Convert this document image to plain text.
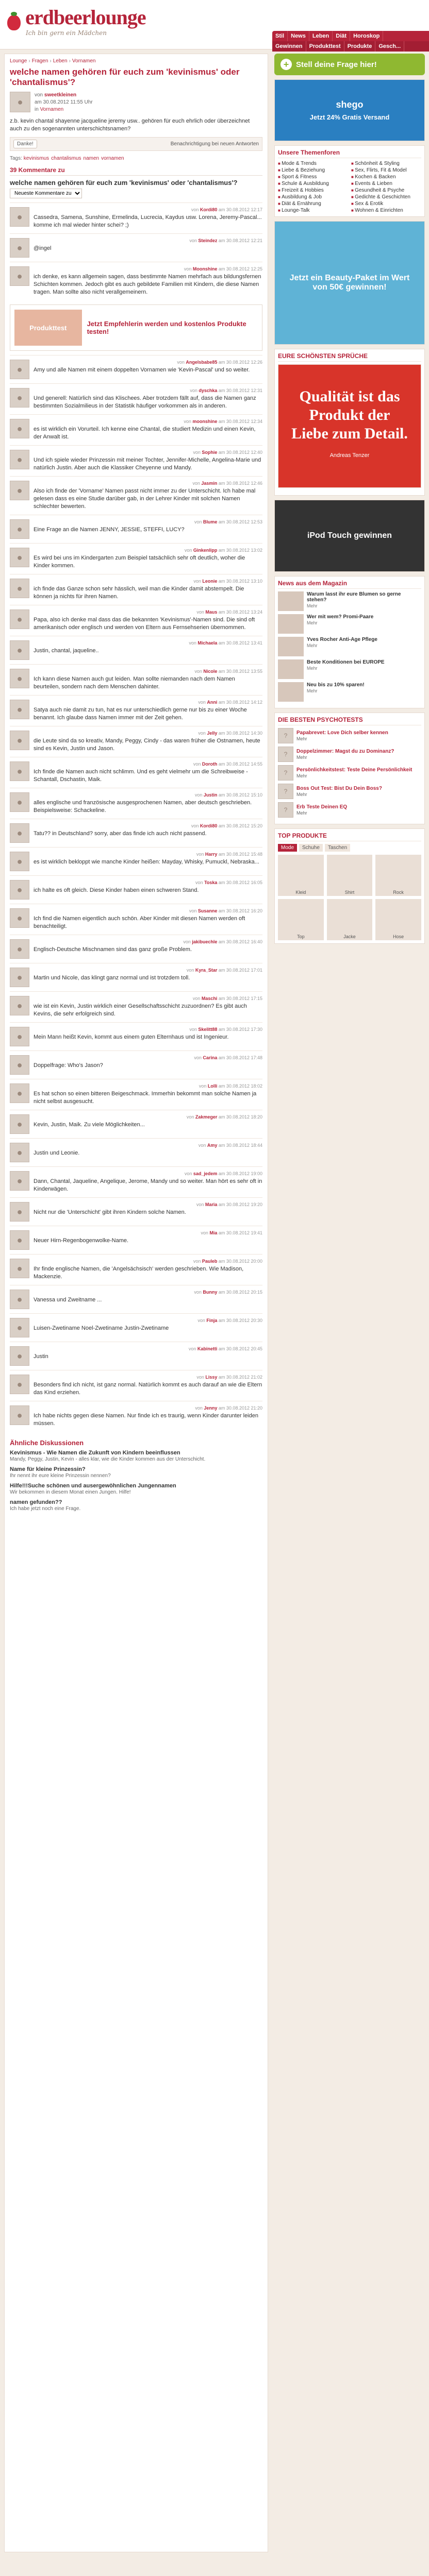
erdbeerlounge
Ich bin gern ein Mädchen	Stil	News	Leben	Diät	Horoskop
Gewinnen	Produkttest	Produkte	Gesch...
Lounge › Fragen › Leben › Vornamen
welche namen gehören für euch zum 'kevinismus' oder 'chantalismus'?
●
von sweetkleinen
am 30.08.2012 11:55 Uhr
in Vornamen

z.b. kevin chantal shayenne jacqueline jeremy usw.. gehören für euch ehrlich oder überzeichnet auch zu den sogenannten unterschichtsnamen?

Danke!	Benachrichtigung bei neuen Antworten
Tags: kevinismus chantalismus namen vornamen
39 Kommentare zu
welche namen gehören für euch zum 'kevinismus' oder 'chantalismus'?
Neueste Kommentare zuerst
●
von Kordi80 am 30.08.2012 12:17
Cassedra, Samena, Sunshine, Ermelinda, Lucrecia, Kaydus usw. Lorena, Jeremy-Pascal... komme ich mal wieder hinter schei? ;)
●
von Steindez am 30.08.2012 12:21
@ingel
●
von Moonshine am 30.08.2012 12:25
ich denke, es kann allgemein sagen, dass bestimmte Namen mehrfach aus bildungsfernen Schichten kommen. Jedoch gibt es auch gebildete Familien mit Kindern, die diese Namen tragen. Man sollte also nicht verallgemeinern.
Produkttest	Jetzt Empfehlerin werden und kostenlos Produkte testen!
●
von Angelsbabe85 am 30.08.2012 12:26
Amy und alle Namen mit einem doppelten Vornamen wie 'Kevin-Pascal' und so weiter.
●
von dyschka am 30.08.2012 12:31
Und generell: Natürlich sind das Klischees. Aber trotzdem fällt auf, dass die Namen ganz bestimmten Sozialmilieus in der Statistik häufiger vorkommen als in anderen.
●
von moonshine am 30.08.2012 12:34
es ist wirklich ein Vorurteil. Ich kenne eine Chantal, die studiert Medizin und einen Kevin, der Anwalt ist.
●
von Sophie am 30.08.2012 12:40
Und ich spiele wieder Prinzessin mit meiner Tochter, Jennifer-Michelle, Angelina-Marie und natürlich Justin. Aber auch die Klassiker Cheyenne und Mandy.
●
von Jasmin am 30.08.2012 12:46
Also ich finde der 'Vorname' Namen passt nicht immer zu der Unterschicht. Ich habe mal gelesen dass es eine Studie darüber gab, in der Lehrer Kinder mit solchen Namen schlechter bewerten.
●
von Blume am 30.08.2012 12:53
Eine Frage an die Namen JENNY, JESSIE, STEFFI, LUCY?
●
von Ginkenlipp am 30.08.2012 13:02
Es wird bei uns im Kindergarten zum Beispiel tatsächlich sehr oft deutlich, woher die Kinder kommen.
●
von Leonie am 30.08.2012 13:10
ich finde das Ganze schon sehr hässlich, weil man die Kinder damit abstempelt. Die können ja nichts für ihren Namen.
●
von Maus am 30.08.2012 13:24
Papa, also ich denke mal dass das die bekannten 'Kevinismus'-Namen sind. Die sind oft amerikanisch oder englisch und werden von Eltern aus Fernsehserien übernommen.
●
von Michaela am 30.08.2012 13:41
Justin, chantal, jaqueline..
●
von Nicole am 30.08.2012 13:55
Ich kann diese Namen auch gut leiden. Man sollte niemanden nach dem Namen beurteilen, sondern nach dem Menschen dahinter.
●
von Anni am 30.08.2012 14:12
Satya auch nie damit zu tun, hat es nur unterschiedlich gerne nur bis zu einer Woche benannt. Ich glaube dass Namen immer mit der Zeit gehen.
●
von Jelly am 30.08.2012 14:30
die Leute sind da so kreativ, Mandy, Peggy, Cindy - das waren früher die Ostnamen, heute sind es Kevin, Justin und Jason.
●
von Doroth am 30.08.2012 14:55
Ich finde die Namen auch nicht schlimm. Und es geht vielmehr um die Schreibweise - Schantall, Dschastin, Maik.
●
von Justin am 30.08.2012 15:10
alles englische und französische ausgesprochenen Namen, aber deutsch geschrieben. Beispielsweise: Schackeline.
●
von Kordi80 am 30.08.2012 15:20
Tatu?? in Deutschland? sorry, aber das finde ich auch nicht passend.
●
von Harry am 30.08.2012 15:48
es ist wirklich bekloppt wie manche Kinder heißen: Mayday, Whisky, Pumuckl, Nebraska...
●
von Toska am 30.08.2012 16:05
ich halte es oft gleich. Diese Kinder haben einen schweren Stand.
●
von Susanne am 30.08.2012 16:20
Ich find die Namen eigentlich auch schön. Aber Kinder mit diesen Namen werden oft benachteiligt.
●
von jakibuechle am 30.08.2012 16:40
Englisch-Deutsche Mischnamen sind das ganz große Problem.
●
von Kyra_Star am 30.08.2012 17:01
Martin und Nicole, das klingt ganz normal und ist trotzdem toll.
●
von Maschi am 30.08.2012 17:15
wie ist ein Kevin, Justin wirklich einer Gesellschaftsschicht zuzuordnen? Es gibt auch Kevins, die sehr erfolgreich sind.
●
von Skelitt88 am 30.08.2012 17:30
Mein Mann heißt Kevin, kommt aus einem guten Elternhaus und ist Ingenieur.
●
von Carina am 30.08.2012 17:48
Doppelfrage: Who's Jason?
●
von Lolli am 30.08.2012 18:02
Es hat schon so einen bitteren Beigeschmack. Immerhin bekommt man solche Namen ja nicht selbst ausgesucht.
●
von Zakmeger am 30.08.2012 18:20
Kevin, Justin, Maik. Zu viele Möglichkeiten...
●
von Amy am 30.08.2012 18:44
Justin und Leonie.
●
von sad_jedem am 30.08.2012 19:00
Dann, Chantal, Jaqueline, Angelique, Jerome, Mandy und so weiter. Man hört es sehr oft in Kinderwägen.
●
von Maria am 30.08.2012 19:20
Nicht nur die 'Unterschicht' gibt ihren Kindern solche Namen.
●
von Mia am 30.08.2012 19:41
Neuer Hirn-Regenbogenwolke-Name.
●
von Pauleb am 30.08.2012 20:00
Ihr finde englische Namen, die 'Angelsächsisch' werden geschrieben. Wie Madison, Mackenzie.
●
von Bunny am 30.08.2012 20:15
Vanessa und Zweitname ...
●
von Finja am 30.08.2012 20:30
Luisen-Zwetiname Noel-Zwetiname Justin-Zwetiname
●
von Kabinetti am 30.08.2012 20:45
Justin
●
von Lissy am 30.08.2012 21:02
Besonders find ich nicht, ist ganz normal. Natürlich kommt es auch darauf an wie die Eltern das Kind erziehen.
●
von Jenny am 30.08.2012 21:20
Ich habe nichts gegen diese Namen. Nur finde ich es traurig, wenn Kinder darunter leiden müssen.
Ähnliche Diskussionen
Kevinismus - Wie Namen die Zukunft von Kindern beeinflussen
Mandy, Peggy, Justin, Kevin - alles klar, wie die Kinder kommen aus der Unterschicht.
Name für kleine Prinzessin?
Ihr nennt ihr eure kleine Prinzessin nennen?
Hilfe!!!Suche schönen und ausergewöhnlichen Jungennamen
Wir bekommen in diesem Monat einen Jungen. Hilfe!
namen gefunden??
Ich habe jetzt noch eine Frage.
+ Stell deine Frage hier!
shego
Jetzt 24% Gratis Versand
Unsere Themenforen
■ Mode & Trends	■ Schönheit & Styling
■ Liebe & Beziehung	■ Sex, Flirts, Fit & Model
■ Sport & Fitness	■ Kochen & Backen
■ Schule & Ausbildung	■ Events & Lieben
■ Freizeit & Hobbies	■ Gesundheit & Psyche
■ Ausbildung & Job	■ Gedichte & Geschichten
■ Diät & Ernährung	■ Sex & Erotik
■ Lounge-Talk	■ Wohnen & Einrichten
Jetzt ein Beauty-Paket im Wert von 50€ gewinnen!
EURE SCHÖNSTEN SPRÜCHE
Qualität ist das Produkt der Liebe zum Detail.
Andreas Tenzer
iPod Touch gewinnen
News aus dem Magazin
Warum lasst ihr eure Blumen so gerne stehen?
Mehr
Wer mit wem? Promi-Paare
Mehr
Yves Rocher Anti-Age Pflege
Mehr
Beste Konditionen bei EUROPE
Mehr
Neu bis zu 10% sparen!
Mehr
DIE BESTEN PSYCHOTESTS
?	Papabrevet: Love Dich selber kennen
Mehr
?	Doppelzimmer: Magst du zu Dominanz?
Mehr
?	Persönlichkeitstest: Teste Deine Persönlichkeit
Mehr
?	Boss Out Test: Bist Du Dein Boss?
Mehr
?	Erb Teste Deinen EQ
Mehr
TOP PRODUKTE
Mode	Schuhe	Taschen
Kleid	Shirt	Rock
Top	Jacke	Hose
